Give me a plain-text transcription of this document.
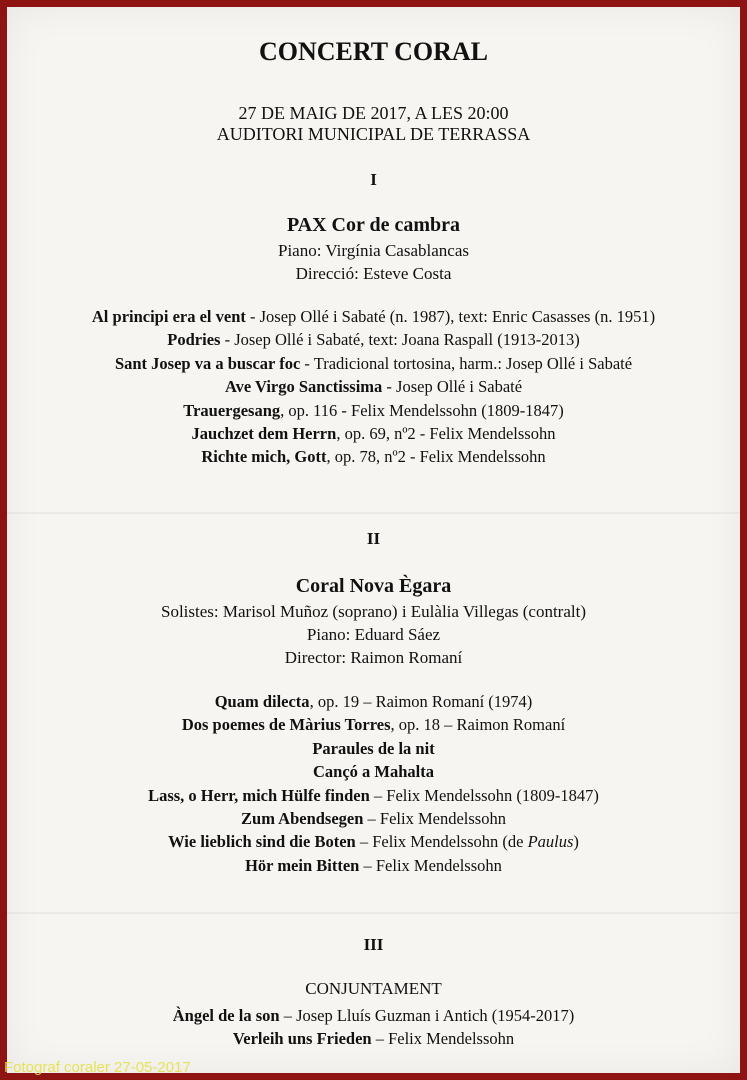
CONCERT CORAL
27 DE MAIG DE 2017, A LES 20:00
AUDITORI MUNICIPAL DE TERRASSA
I
PAX Cor de cambra
Piano: Virgínia Casablancas
Direcció: Esteve Costa
Al principi era el vent - Josep Ollé i Sabaté (n. 1987), text: Enric Casasses (n. 1951)
Podries - Josep Ollé i Sabaté, text: Joana Raspall (1913-2013)
Sant Josep va a buscar foc - Tradicional tortosina, harm.: Josep Ollé i Sabaté
Ave Virgo Sanctissima - Josep Ollé i Sabaté
Trauergesang, op. 116 - Felix Mendelssohn (1809-1847)
Jauchzet dem Herrn, op. 69, nº2 - Felix Mendelssohn
Richte mich, Gott, op. 78, nº2 - Felix Mendelssohn
II
Coral Nova Ègara
Solistes: Marisol Muñoz (soprano) i Eulàlia Villegas (contralt)
Piano: Eduard Sáez
Director: Raimon Romaní
Quam dilecta, op. 19 – Raimon Romaní (1974)
Dos poemes de Màrius Torres, op. 18 – Raimon Romaní
Paraules de la nit
Cançó a Mahalta
Lass, o Herr, mich Hülfe finden – Felix Mendelssohn (1809-1847)
Zum Abendsegen – Felix Mendelssohn
Wie lieblich sind die Boten – Felix Mendelssohn (de Paulus)
Hör mein Bitten – Felix Mendelssohn
III
CONJUNTAMENT
Àngel de la son – Josep Lluís Guzman i Antich (1954-2017)
Verleih uns Frieden – Felix Mendelssohn
Fotograf coraler 27-05-2017
